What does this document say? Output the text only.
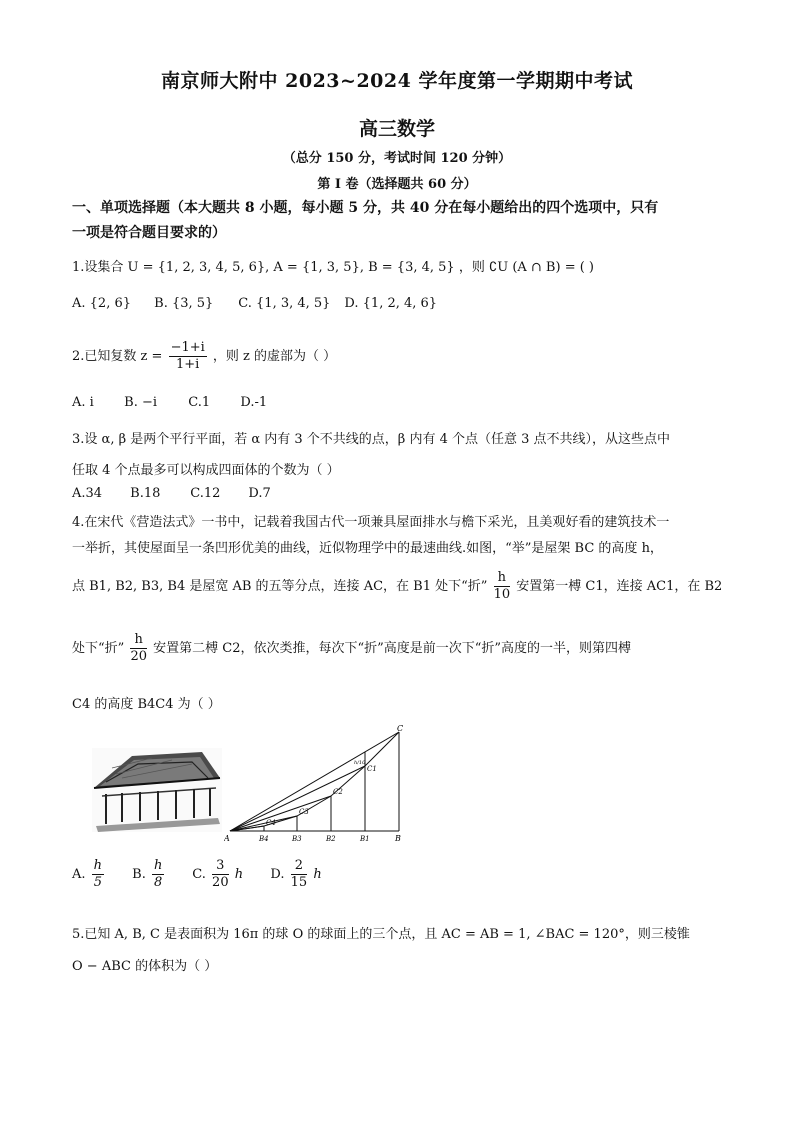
南京师大附中 2023~2024 学年度第一学期期中考试
高三数学
（总分 150 分，考试时间 120 分钟）
第 I 卷（选择题共 60 分）
一、单项选择题（本大题共 8 小题，每小题 5 分，共 40 分在每小题给出的四个选项中，只有
一项是符合题目要求的）
1.设集合 U = {1, 2, 3, 4, 5, 6}, A = {1, 3, 5}, B = {3, 4, 5} ，则 ∁U (A ∩ B) = ( )
A. {2, 6} B. {3, 5} C. {1, 3, 4, 5} D. {1, 2, 4, 6}
2.已知复数 $z = \frac{-1+i}{1+i}$ ，则 z 的虚部为（ ）
A. i B. −i C.1 D.-1
3.设 α, β 是两个平行平面，若 α 内有 3 个不共线的点，β 内有 4 个点（任意 3 点不共线），从这些点中
任取 4 个点最多可以构成四面体的个数为（ ）
A.34 B.18 C.12 D.7
4.在宋代《营造法式》一书中，记载着我国古代一项兼具屋面排水与檐下采光，且美观好看的建筑技术一
一举折，其使屋面呈一条凹形优美的曲线，近似物理学中的最速曲线.如图，“举”是屋架 BC 的高度 h，
点 B1, B2, B3, B4 是屋宽 AB 的五等分点，连接 AC，在 B1 处下“折” $\frac{h}{10}$ 安置第一榑 C1，连接 AC1，在 B2
处下“折” $\frac{h}{20}$ 安置第二榑 C2，依次类推，每次下“折”高度是前一次下“折”高度的一半，则第四榑
C4 的高度 B4C4 为（ ）
A	B
C
B1
B2
B3
B4
C1
C2
C3
C4
h/10
A. $\frac{h}{5} B$. $\frac{h}{8} C$. $\frac{3}{20}$ h D. $\frac{2}{15}$ h
5.已知 A, B, C 是表面积为 16π 的球 O 的球面上的三个点，且 AC = AB = 1, ∠BAC = 120°，则三棱锥
O − ABC 的体积为（ ）
